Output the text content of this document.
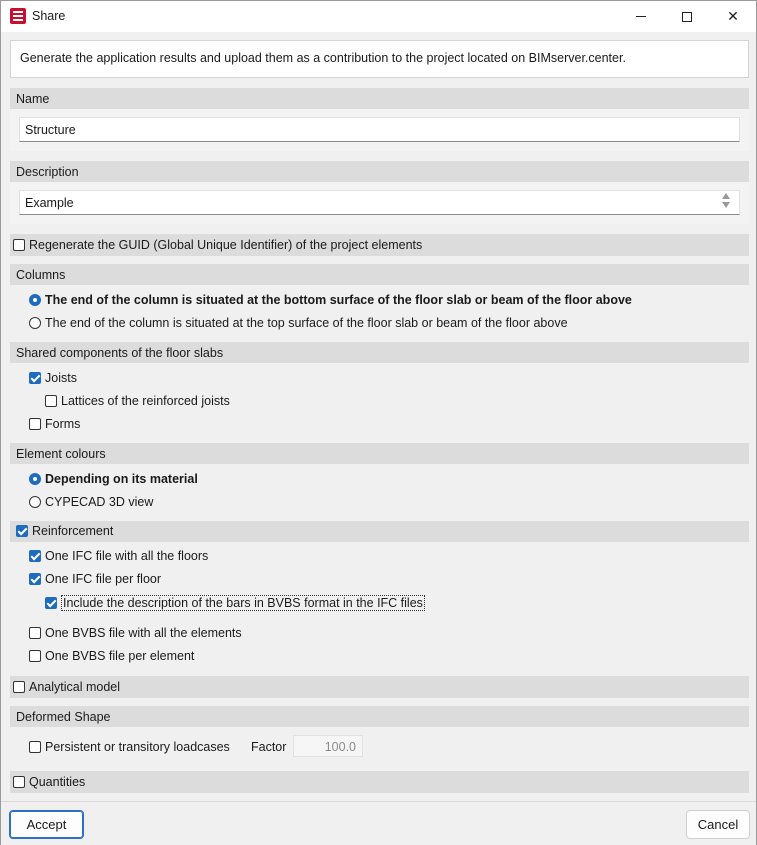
Share	✕
Generate the application results and upload them as a contribution to the project located on BIMserver.center.
Name
Structure
Description
Example
Regenerate the GUID (Global Unique Identifier) of the project elements
Columns
The end of the column is situated at the bottom surface of the floor slab or beam of the floor above
The end of the column is situated at the top surface of the floor slab or beam of the floor above
Shared components of the floor slabs
Joists
Lattices of the reinforced joists
Forms
Element colours
Depending on its material
CYPECAD 3D view
Reinforcement
One IFC file with all the floors
One IFC file per floor
Include the description of the bars in BVBS format in the IFC files
One BVBS file with all the elements
One BVBS file per element
Analytical model
Deformed Shape
Persistent or transitory loadcases Factor	100.0
Quantities
Accept	Cancel
